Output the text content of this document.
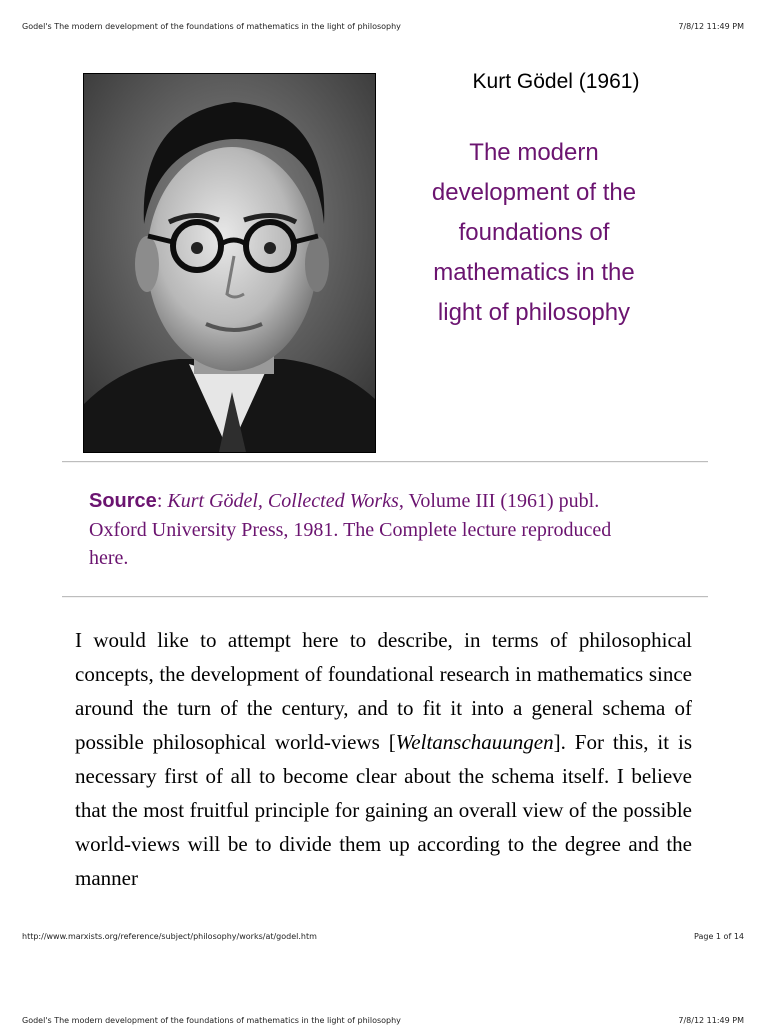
Godel's The modern development of the foundations of mathematics in the light of philosophy	7/8/12 11:49 PM
Kurt Gödel (1961)
The modern
development of the
foundations of
mathematics in the
light of philosophy
Source: Kurt Gödel, Collected Works, Volume III (1961) publ. Oxford University Press, 1981. The Complete lecture reproduced here.
I would like to attempt here to describe, in terms of philosophical concepts, the development of foundational research in mathematics since around the turn of the century, and to fit it into a general schema of possible philosophical world-views [Weltanschauungen]. For this, it is necessary first of all to become clear about the schema itself. I believe that the most fruitful principle for gaining an overall view of the possible world-views will be to divide them up according to the degree and the manner
http://www.marxists.org/reference/subject/philosophy/works/at/godel.htm	Page 1 of 14
Godel's The modern development of the foundations of mathematics in the light of philosophy	7/8/12 11:49 PM
